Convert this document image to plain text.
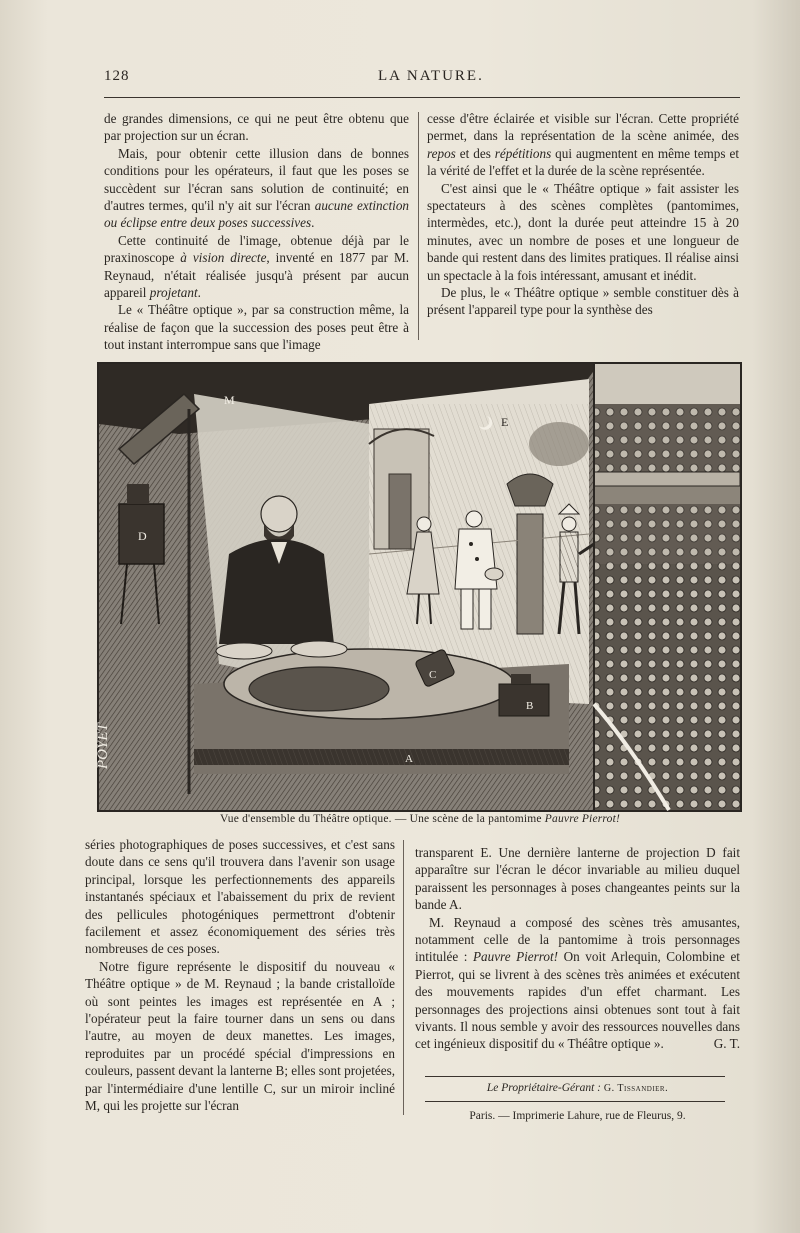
128	LA NATURE.

de grandes dimensions, ce qui ne peut être obtenu que par projection sur un écran.

Mais, pour obtenir cette illusion dans de bonnes conditions pour les opérateurs, il faut que les poses se succèdent sur l'écran sans solution de continuité; en d'autres termes, qu'il n'y ait sur l'écran aucune extinction ou éclipse entre deux poses successives.

Cette continuité de l'image, obtenue déjà par le praxinoscope à vision directe, inventé en 1877 par M. Reynaud, n'était réalisée jusqu'à présent par aucun appareil projetant.

Le « Théâtre optique », par sa construction même, la réalise de façon que la succession des poses peut être à tout instant interrompue sans que l'image

cesse d'être éclairée et visible sur l'écran. Cette propriété permet, dans la représentation de la scène animée, des repos et des répétitions qui augmentent en même temps et la vérité de l'effet et la durée de la scène représentée.

C'est ainsi que le « Théâtre optique » fait assister les spectateurs à des scènes complètes (pantomimes, intermèdes, etc.), dont la durée peut atteindre 15 à 20 minutes, avec un nombre de poses et une longueur de bande qui restent dans des limites pratiques. Il réalise ainsi un spectacle à la fois intéressant, amusant et inédit.

De plus, le « Théâtre optique » semble constituer dès à présent l'appareil type pour la synthèse des

M
E
D
C
B
A
POYET
Vue d'ensemble du Théâtre optique. — Une scène de la pantomime Pauvre Pierrot!

séries photographiques de poses successives, et c'est sans doute dans ce sens qu'il trouvera dans l'avenir son usage principal, lorsque les perfectionnements des appareils instantanés spéciaux et l'abaissement du prix de revient des pellicules photogéniques permettront d'obtenir facilement et assez économiquement des séries très nombreuses de ces poses.

Notre figure représente le dispositif du nouveau « Théâtre optique » de M. Reynaud ; la bande cristalloïde où sont peintes les images est représentée en A ; l'opérateur peut la faire tourner dans un sens ou dans l'autre, au moyen de deux manettes. Les images, reproduites par un procédé spécial d'impressions en couleurs, passent devant la lanterne B; elles sont projetées, par l'intermédiaire d'une lentille C, sur un miroir incliné M, qui les projette sur l'écran

transparent E. Une dernière lanterne de projection D fait apparaître sur l'écran le décor invariable au milieu duquel paraissent les personnages à poses changeantes peints sur la bande A.

M. Reynaud a composé des scènes très amusantes, notamment celle de la pantomime à trois personnages intitulée : Pauvre Pierrot! On voit Arlequin, Colombine et Pierrot, qui se livrent à des scènes très animées et exécutent des mouvements rapides d'un effet charmant. Les personnages des projections ainsi obtenues sont tout à fait vivants. Il nous semble y avoir des ressources nouvelles dans cet ingénieux dispositif du « Théâtre optique ».	G. T.

Le Propriétaire-Gérant : G. Tissandier.
Paris. — Imprimerie Lahure, rue de Fleurus, 9.
